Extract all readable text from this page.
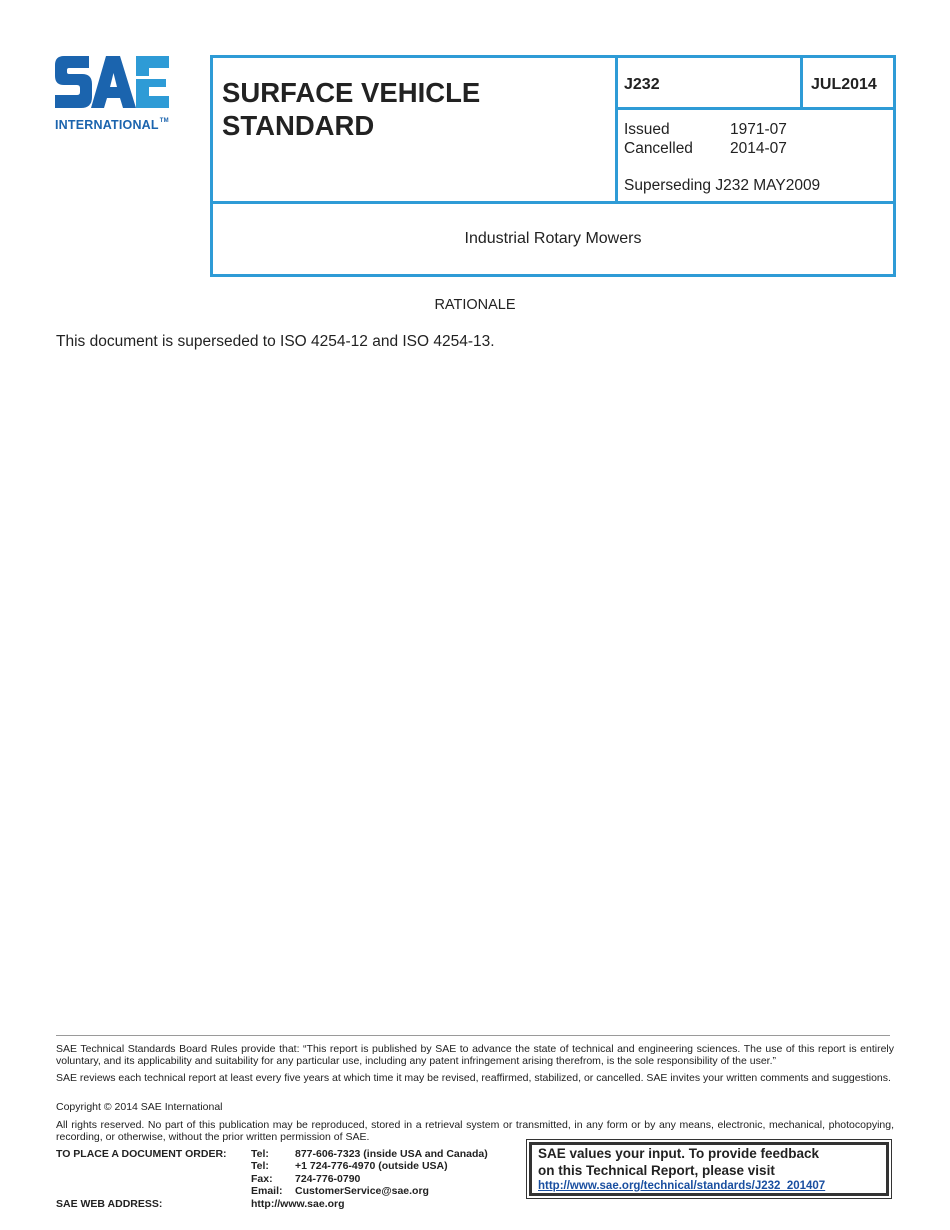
INTERNATIONAL™
SURFACE VEHICLE
STANDARD
J232	JUL2014
Issued	1971-07
Cancelled 2014-07
Superseding J232 MAY2009
Industrial Rotary Mowers
RATIONALE
This document is superseded to ISO 4254-12 and ISO 4254-13.
SAE Technical Standards Board Rules provide that: “This report is published by SAE to advance the state of technical and engineering sciences. The use of this report is entirely voluntary, and its applicability and suitability for any particular use, including any patent infringement arising therefrom, is the sole responsibility of the user.”
SAE reviews each technical report at least every five years at which time it may be revised, reaffirmed, stabilized, or cancelled. SAE invites your written comments and suggestions.
Copyright © 2014 SAE International
All rights reserved. No part of this publication may be reproduced, stored in a retrieval system or transmitted, in any form or by any means, electronic, mechanical, photocopying, recording, or otherwise, without the prior written permission of SAE.
TO PLACE A DOCUMENT ORDER: Tel: 877-606-7323 (inside USA and Canada)
Tel: +1 724-776-4970 (outside USA)
Fax: 724-776-0790
Email: CustomerService@sae.org
SAE WEB ADDRESS:	http://www.sae.org
SAE values your input. To provide feedback
on this Technical Report, please visit
http://www.sae.org/technical/standards/J232_201407
